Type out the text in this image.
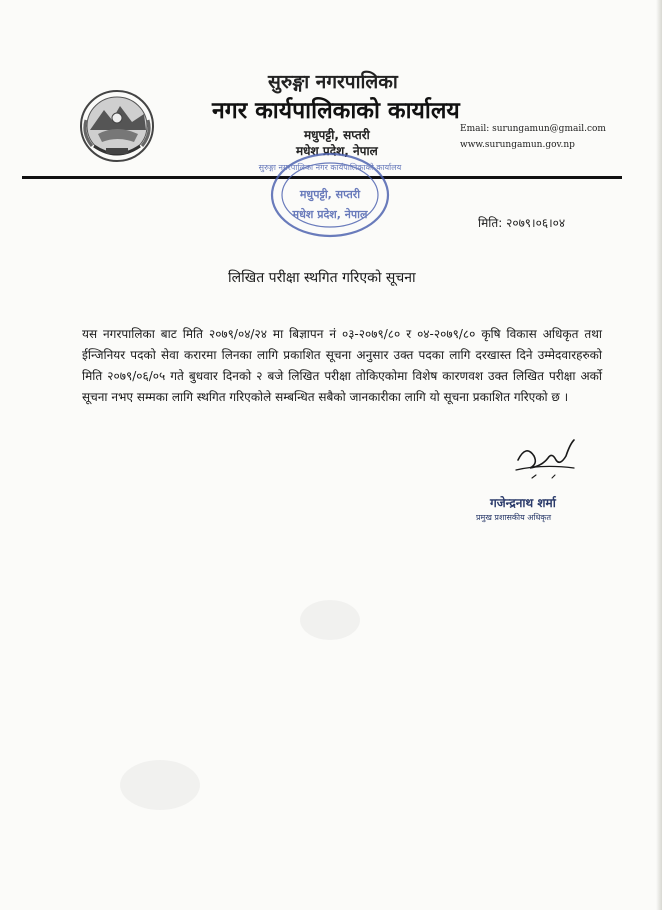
सुरुङ्गा नगरपालिका
नगर कार्यपालिकाको कार्यालय
मधुपट्टी, सप्तरी
मधेश प्रदेश, नेपाल
Email: surungamun@gmail.com
www.surungamun.gov.np
सुरुङ्गा नगरपालिका नगर कार्यपालिकाको कार्यालय
मधुपट्टी, सप्तरी
मधेश प्रदेश, नेपाल
मिति: २०७९।०६।०४
लिखित परीक्षा स्थगित गरिएको सूचना
यस नगरपालिका बाट मिति २०७९/०४/२४ मा बिज्ञापन नं ०३-२०७९/८० र ०४-२०७९/८० कृषि विकास अधिकृत तथा ईन्जिनियर पदको सेवा करारमा लिनका लागि प्रकाशित सूचना अनुसार उक्त पदका लागि दरखास्त दिने उम्मेदवारहरुको मिति २०७९/०६/०५ गते बुधवार दिनको २ बजे लिखित परीक्षा तोकिएकोमा विशेष कारणवश उक्त लिखित परीक्षा अर्को सूचना नभए सम्मका लागि स्थगित गरिएकोले सम्बन्धित सबैको जानकारीका लागि यो सूचना प्रकाशित गरिएको छ ।
गजेन्द्रनाथ शर्मा
प्रमुख प्रशासकीय अधिकृत
